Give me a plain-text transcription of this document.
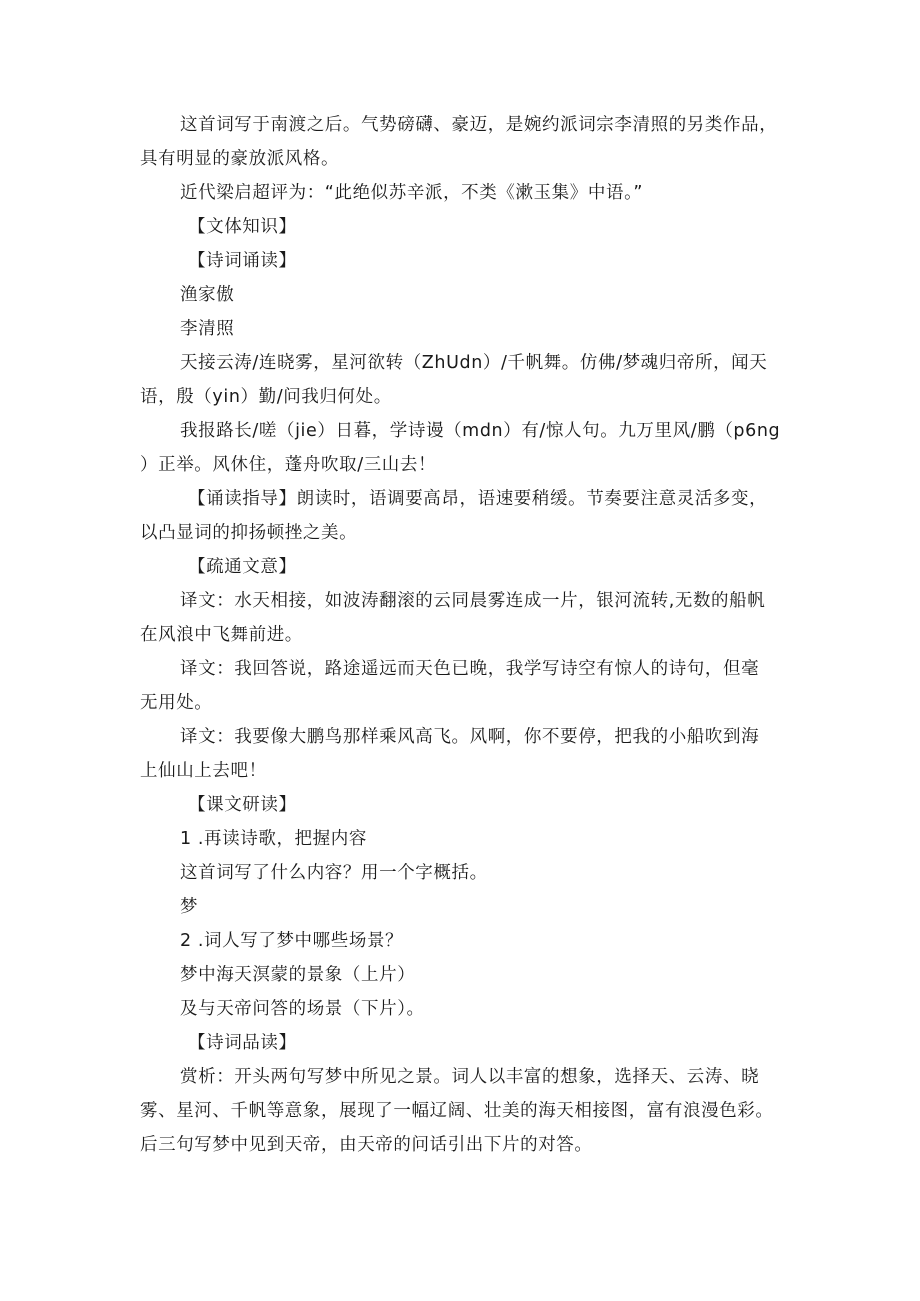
这首词写于南渡之后。气势磅礴、豪迈，是婉约派词宗李清照的另类作品，
具有明显的豪放派风格。
近代梁启超评为：“此绝似苏辛派，不类《漱玉集》中语。”
【文体知识】
【诗词诵读】
渔家傲
李清照
天接云涛/连晓雾，星河欲转（ZhUdn）/千帆舞。仿佛/梦魂归帝所，闻天
语，殷（yin）勤/问我归何处。
我报路长/嗟（jie）日暮，学诗谩（mdn）有/惊人句。九万里风/鹏（p6ng
）正举。风休住，蓬舟吹取/三山去！
【诵读指导】朗读时，语调要高昂，语速要稍缓。节奏要注意灵活多变，
以凸显词的抑扬顿挫之美。
【疏通文意】
译文：水天相接，如波涛翻滚的云同晨雾连成一片，银河流转,无数的船帆
在风浪中飞舞前进。
译文：我回答说，路途遥远而天色已晚，我学写诗空有惊人的诗句，但毫
无用处。
译文：我要像大鹏鸟那样乘风高飞。风啊，你不要停，把我的小船吹到海
上仙山上去吧！
【课文研读】
1 .再读诗歌，把握内容
这首词写了什么内容？用一个字概括。
梦
2 .词人写了梦中哪些场景？
梦中海天溟蒙的景象（上片）
及与天帝问答的场景（下片）。
【诗词品读】
赏析：开头两句写梦中所见之景。词人以丰富的想象，选择天、云涛、晓
雾、星河、千帆等意象，展现了一幅辽阔、壮美的海天相接图，富有浪漫色彩。
后三句写梦中见到天帝，由天帝的问话引出下片的对答。
